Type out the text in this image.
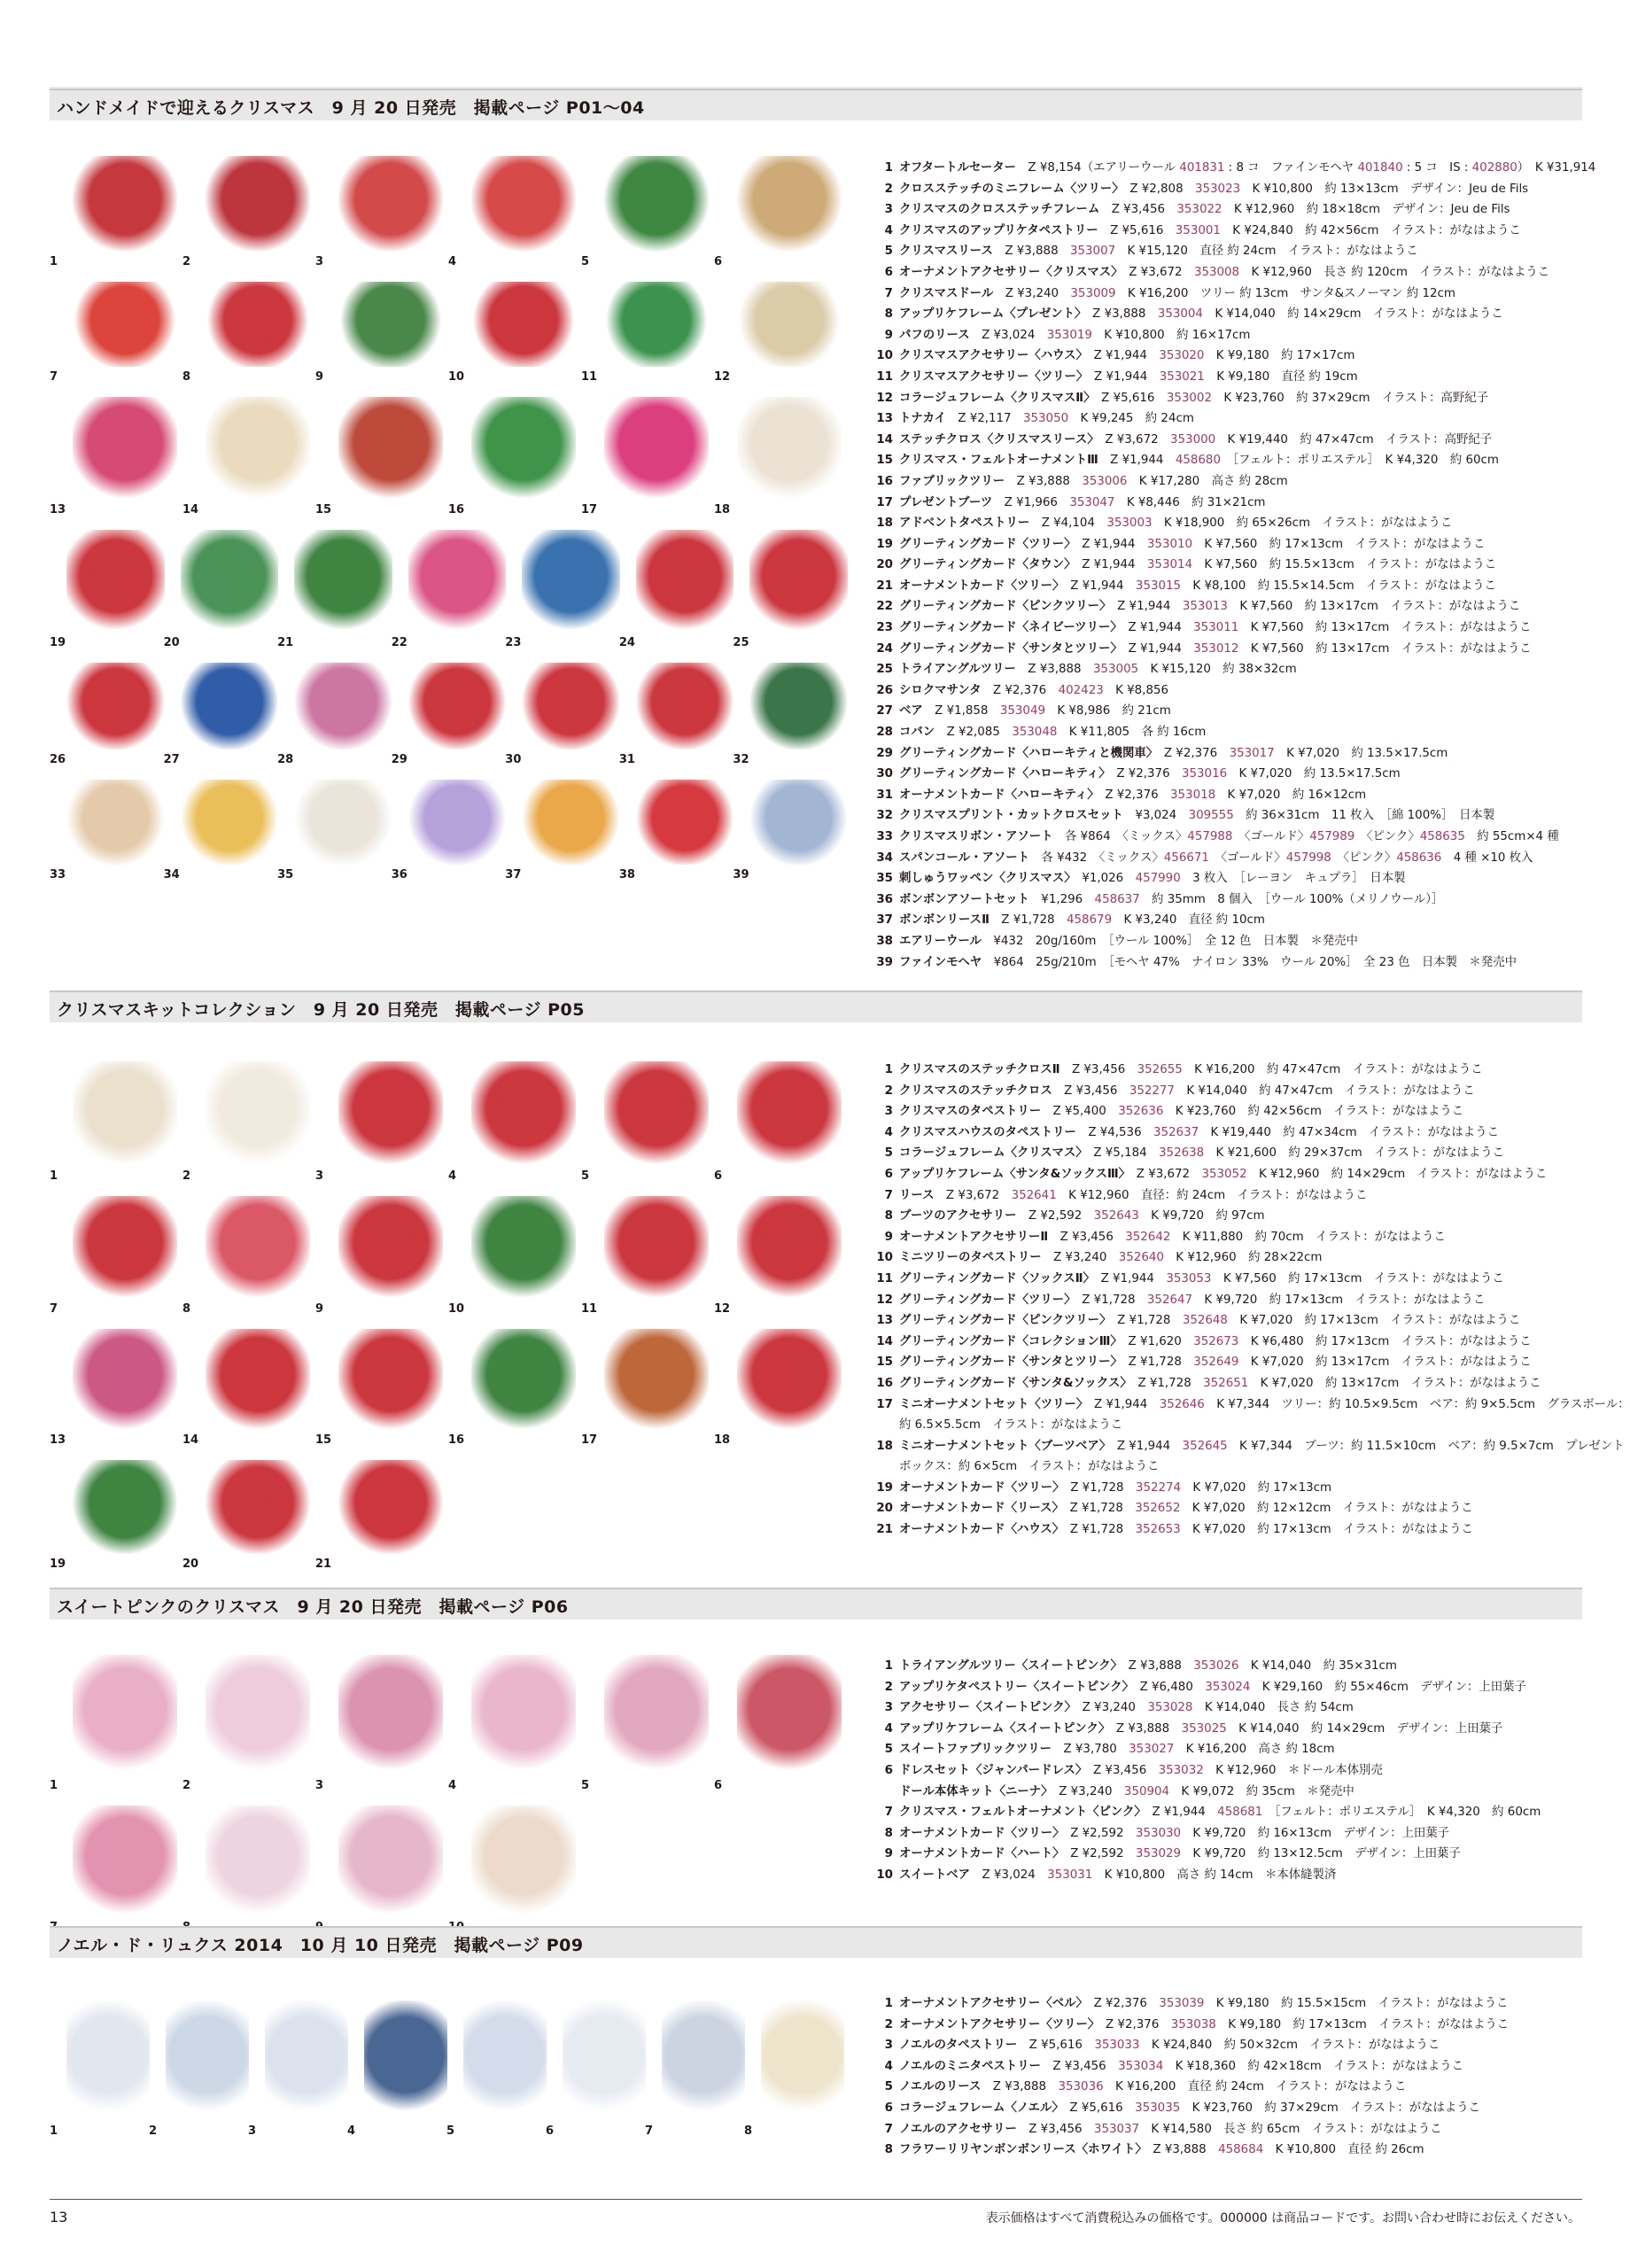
ハンドメイドで迎えるクリスマス　9 月 20 日発売　掲載ページ P01〜04
1	2	3	4	5	6
7	8	9	10	11	12
13	14	15	16	17	18
19	20	21	22	23	24	25
26	27	28	29	30	31	32
33	34	35	36	37	38	39
1 オフタートルセーター　 Z ¥8,154（エアリーウール 401831 : 8 コ　ファインモヘヤ 401840 : 5 コ　IS : 402880）　K ¥31,914
2 クロスステッチのミニフレーム〈ツリー〉　 Z ¥2,808　353023　K ¥10,800　約 13×13cm　デザイン：Jeu de Fils
3 クリスマスのクロスステッチフレーム　 Z ¥3,456　353022　K ¥12,960　約 18×18cm　デザイン：Jeu de Fils
4 クリスマスのアップリケタペストリー　 Z ¥5,616　353001　K ¥24,840　約 42×56cm　イラスト：がなはようこ
5 クリスマスリース　 Z ¥3,888　353007　K ¥15,120　直径 約 24cm　イラスト：がなはようこ
6 オーナメントアクセサリー〈クリスマス〉　 Z ¥3,672　353008　K ¥12,960　長さ 約 120cm　イラスト：がなはようこ
7 クリスマスドール　 Z ¥3,240　353009　K ¥16,200　ツリー 約 13cm　サンタ&スノーマン 約 12cm
8 アップリケフレーム〈プレゼント〉　 Z ¥3,888　353004　K ¥14,040　約 14×29cm　イラスト：がなはようこ
9 パフのリース　 Z ¥3,024　353019　K ¥10,800　約 16×17cm
10 クリスマスアクセサリー〈ハウス〉　 Z ¥1,944　353020　K ¥9,180　約 17×17cm
11 クリスマスアクセサリー〈ツリー〉　 Z ¥1,944　353021　K ¥9,180　直径 約 19cm
12 コラージュフレーム〈クリスマスⅡ〉　 Z ¥5,616　353002　K ¥23,760　約 37×29cm　イラスト：高野紀子
13 トナカイ　 Z ¥2,117　353050　K ¥9,245　約 24cm
14 ステッチクロス〈クリスマスリース〉　 Z ¥3,672　353000　K ¥19,440　約 47×47cm　イラスト：高野紀子
15 クリスマス・フェルトオーナメントⅢ　 Z ¥1,944　458680　［フェルト：ポリエステル］　K ¥4,320　約 60cm
16 ファブリックツリー　 Z ¥3,888　353006　K ¥17,280　高さ 約 28cm
17 プレゼントブーツ　 Z ¥1,966　353047　K ¥8,446　約 31×21cm
18 アドベントタペストリー　 Z ¥4,104　353003　K ¥18,900　約 65×26cm　イラスト：がなはようこ
19 グリーティングカード〈ツリー〉　 Z ¥1,944　353010　K ¥7,560　約 17×13cm　イラスト：がなはようこ
20 グリーティングカード〈タウン〉　 Z ¥1,944　353014　K ¥7,560　約 15.5×13cm　イラスト：がなはようこ
21 オーナメントカード〈ツリー〉　 Z ¥1,944　353015　K ¥8,100　約 15.5×14.5cm　イラスト：がなはようこ
22 グリーティングカード〈ピンクツリー〉　 Z ¥1,944　353013　K ¥7,560　約 13×17cm　イラスト：がなはようこ
23 グリーティングカード〈ネイビーツリー〉　 Z ¥1,944　353011　K ¥7,560　約 13×17cm　イラスト：がなはようこ
24 グリーティングカード〈サンタとツリー〉　 Z ¥1,944　353012　K ¥7,560　約 13×17cm　イラスト：がなはようこ
25 トライアングルツリー　 Z ¥3,888　353005　K ¥15,120　約 38×32cm
26 シロクマサンタ　 Z ¥2,376　402423　K ¥8,856
27 ベア　 Z ¥1,858　353049　K ¥8,986　約 21cm
28 コバン　 Z ¥2,085　353048　K ¥11,805　各 約 16cm
29 グリーティングカード〈ハローキティと機関車〉　 Z ¥2,376　353017　K ¥7,020　約 13.5×17.5cm
30 グリーティングカード〈ハローキティ〉　 Z ¥2,376　353016　K ¥7,020　約 13.5×17.5cm
31 オーナメントカード〈ハローキティ〉　 Z ¥2,376　353018　K ¥7,020　約 16×12cm
32 クリスマスプリント・カットクロスセット　 ¥3,024　309555　約 36×31cm　11 枚入　［綿 100%］　日本製
33 クリスマスリボン・アソート　 各 ¥864　〈ミックス〉457988　〈ゴールド〉457989　〈ピンク〉458635　約 55cm×4 種
34 スパンコール・アソート　 各 ¥432　〈ミックス〉456671　〈ゴールド〉457998　〈ピンク〉458636　4 種 ×10 枚入
35 刺しゅうワッペン〈クリスマス〉　 ¥1,026　457990　3 枚入　［レーヨン　キュプラ］　日本製
36 ボンボンアソートセット　 ¥1,296　458637　約 35mm　8 個入　［ウール 100%（メリノウール）］
37 ボンボンリースⅡ　 Z ¥1,728　458679　K ¥3,240　直径 約 10cm
38 エアリーウール　 ¥432　20g/160m　［ウール 100%］　全 12 色　日本製　＊発売中
39 ファインモヘヤ　 ¥864　25g/210m　［モヘヤ 47%　ナイロン 33%　ウール 20%］　全 23 色　日本製　＊発売中
クリスマスキットコレクション　9 月 20 日発売　掲載ページ P05
1	2	3	4	5	6
7	8	9	10	11	12
13	14	15	16	17	18
19	20	21
1 クリスマスのステッチクロスⅡ　 Z ¥3,456　352655　K ¥16,200　約 47×47cm　イラスト：がなはようこ
2 クリスマスのステッチクロス　 Z ¥3,456　352277　K ¥14,040　約 47×47cm　イラスト：がなはようこ
3 クリスマスのタペストリー　 Z ¥5,400　352636　K ¥23,760　約 42×56cm　イラスト：がなはようこ
4 クリスマスハウスのタペストリー　 Z ¥4,536　352637　K ¥19,440　約 47×34cm　イラスト：がなはようこ
5 コラージュフレーム〈クリスマス〉　 Z ¥5,184　352638　K ¥21,600　約 29×37cm　イラスト：がなはようこ
6 アップリケフレーム〈サンタ&ソックスⅢ〉　 Z ¥3,672　353052　K ¥12,960　約 14×29cm　イラスト：がなはようこ
7 リース　 Z ¥3,672　352641　K ¥12,960　直径：約 24cm　イラスト：がなはようこ
8 ブーツのアクセサリー　 Z ¥2,592　352643　K ¥9,720　約 97cm
9 オーナメントアクセサリーⅡ　 Z ¥3,456　352642　K ¥11,880　約 70cm　イラスト：がなはようこ
10 ミニツリーのタペストリー　 Z ¥3,240　352640　K ¥12,960　約 28×22cm
11 グリーティングカード〈ソックスⅡ〉　 Z ¥1,944　353053　K ¥7,560　約 17×13cm　イラスト：がなはようこ
12 グリーティングカード〈ツリー〉　 Z ¥1,728　352647　K ¥9,720　約 17×13cm　イラスト：がなはようこ
13 グリーティングカード〈ピンクツリー〉　 Z ¥1,728　352648　K ¥7,020　約 17×13cm　イラスト：がなはようこ
14 グリーティングカード〈コレクションⅢ〉　 Z ¥1,620　352673　K ¥6,480　約 17×13cm　イラスト：がなはようこ
15 グリーティングカード〈サンタとツリー〉　 Z ¥1,728　352649　K ¥7,020　約 13×17cm　イラスト：がなはようこ
16 グリーティングカード〈サンタ&ソックス〉　 Z ¥1,728　352651　K ¥7,020　約 13×17cm　イラスト：がなはようこ
17 ミニオーナメントセット〈ツリー〉　 Z ¥1,944　352646　K ¥7,344　ツリー：約 10.5×9.5cm　ベア：約 9×5.5cm　グラスボール：
約 6.5×5.5cm　イラスト：がなはようこ
18 ミニオーナメントセット〈ブーツベア〉　 Z ¥1,944　352645　K ¥7,344　ブーツ：約 11.5×10cm　ベア：約 9.5×7cm　プレゼント
ボックス：約 6×5cm　イラスト：がなはようこ
19 オーナメントカード〈ツリー〉　 Z ¥1,728　352274　K ¥7,020　約 17×13cm
20 オーナメントカード〈リース〉　 Z ¥1,728　352652　K ¥7,020　約 12×12cm　イラスト：がなはようこ
21 オーナメントカード〈ハウス〉　 Z ¥1,728　352653　K ¥7,020　約 17×13cm　イラスト：がなはようこ
スイートピンクのクリスマス　9 月 20 日発売　掲載ページ P06
1	2	3	4	5	6
1 トライアングルツリー〈スイートピンク〉　 Z ¥3,888　353026　K ¥14,040　約 35×31cm
2 アップリケタペストリー〈スイートピンク〉　 Z ¥6,480　353024　K ¥29,160　約 55×46cm　デザイン：上田葉子
3 アクセサリー〈スイートピンク〉　 Z ¥3,240　353028　K ¥14,040　長さ 約 54cm
4 アップリケフレーム〈スイートピンク〉　 Z ¥3,888　353025　K ¥14,040　約 14×29cm　デザイン：上田葉子
5 スイートファブリックツリー　 Z ¥3,780　353027　K ¥16,200　高さ 約 18cm
6 ドレスセット〈ジャンパードレス〉　 Z ¥3,456　353032　K ¥12,960　＊ドール本体別売
ドール本体キット〈ニーナ〉　 Z ¥3,240　350904　K ¥9,072　約 35cm　＊発売中
7 クリスマス・フェルトオーナメント〈ピンク〉　 Z ¥1,944　458681　［フェルト：ポリエステル］　K ¥4,320　約 60cm
8 オーナメントカード〈ツリー〉　 Z ¥2,592　353030　K ¥9,720　約 16×13cm　デザイン：上田葉子
9 オーナメントカード〈ハート〉　 Z ¥2,592　353029　K ¥9,720　約 13×12.5cm　デザイン：上田葉子
10 スイートベア　 Z ¥3,024　353031　K ¥10,800　高さ 約 14cm　＊本体縫製済
ノエル・ド・リュクス 2014　10 月 10 日発売　掲載ページ P09
1	2	3	4	5	6	7	8
1 オーナメントアクセサリー〈ベル〉　 Z ¥2,376　353039　K ¥9,180　約 15.5×15cm　イラスト：がなはようこ
2 オーナメントアクセサリー〈ツリー〉　 Z ¥2,376　353038　K ¥9,180　約 17×13cm　イラスト：がなはようこ
3 ノエルのタペストリー　 Z ¥5,616　353033　K ¥24,840　約 50×32cm　イラスト：がなはようこ
4 ノエルのミニタペストリー　 Z ¥3,456　353034　K ¥18,360　約 42×18cm　イラスト：がなはようこ
5 ノエルのリース　 Z ¥3,888　353036　K ¥16,200　直径 約 24cm　イラスト：がなはようこ
6 コラージュフレーム〈ノエル〉　 Z ¥5,616　353035　K ¥23,760　約 37×29cm　イラスト：がなはようこ
7 ノエルのアクセサリー　 Z ¥3,456　353037　K ¥14,580　長さ 約 65cm　イラスト：がなはようこ
8 フラワーリリヤンボンボンリース〈ホワイト〉　 Z ¥3,888　458684　K ¥10,800　直径 約 26cm
13	表示価格はすべて消費税込みの価格です。000000 は商品コードです。お問い合わせ時にお伝えください。
